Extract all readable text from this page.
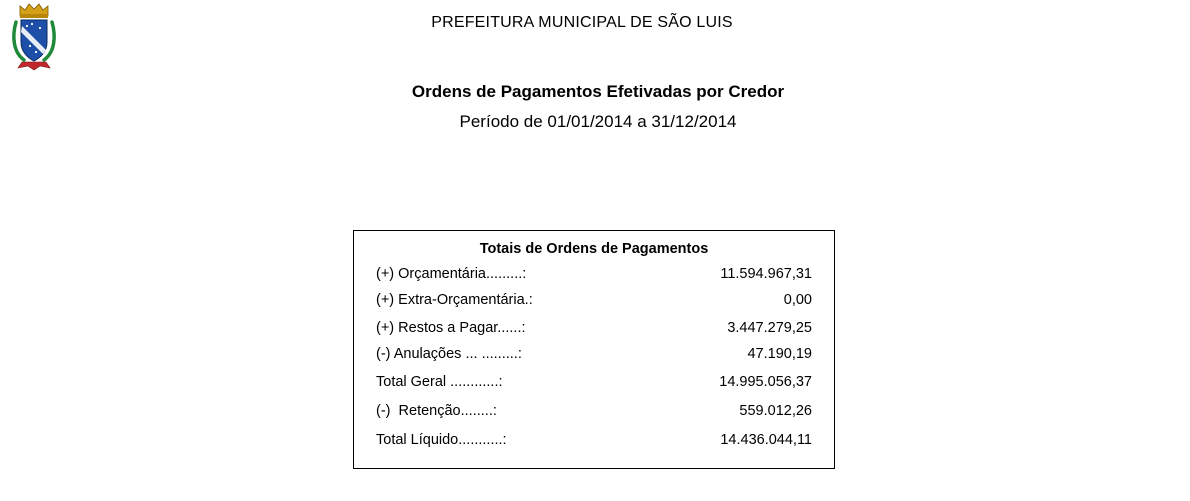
PREFEITURA MUNICIPAL DE SÃO LUIS
Ordens de Pagamentos Efetivadas por Credor
Período de 01/01/2014 a 31/12/2014
Totais de Ordens de Pagamentos
(+) Orçamentária.........:	11.594.967,31
(+) Extra-Orçamentária.:	0,00
(+) Restos a Pagar......:	3.447.279,25
(-) Anulações ... .........:	47.190,19
Total Geral ............:	14.995.056,37
(-)  Retenção........:	559.012,26
Total Líquido...........:	14.436.044,11
